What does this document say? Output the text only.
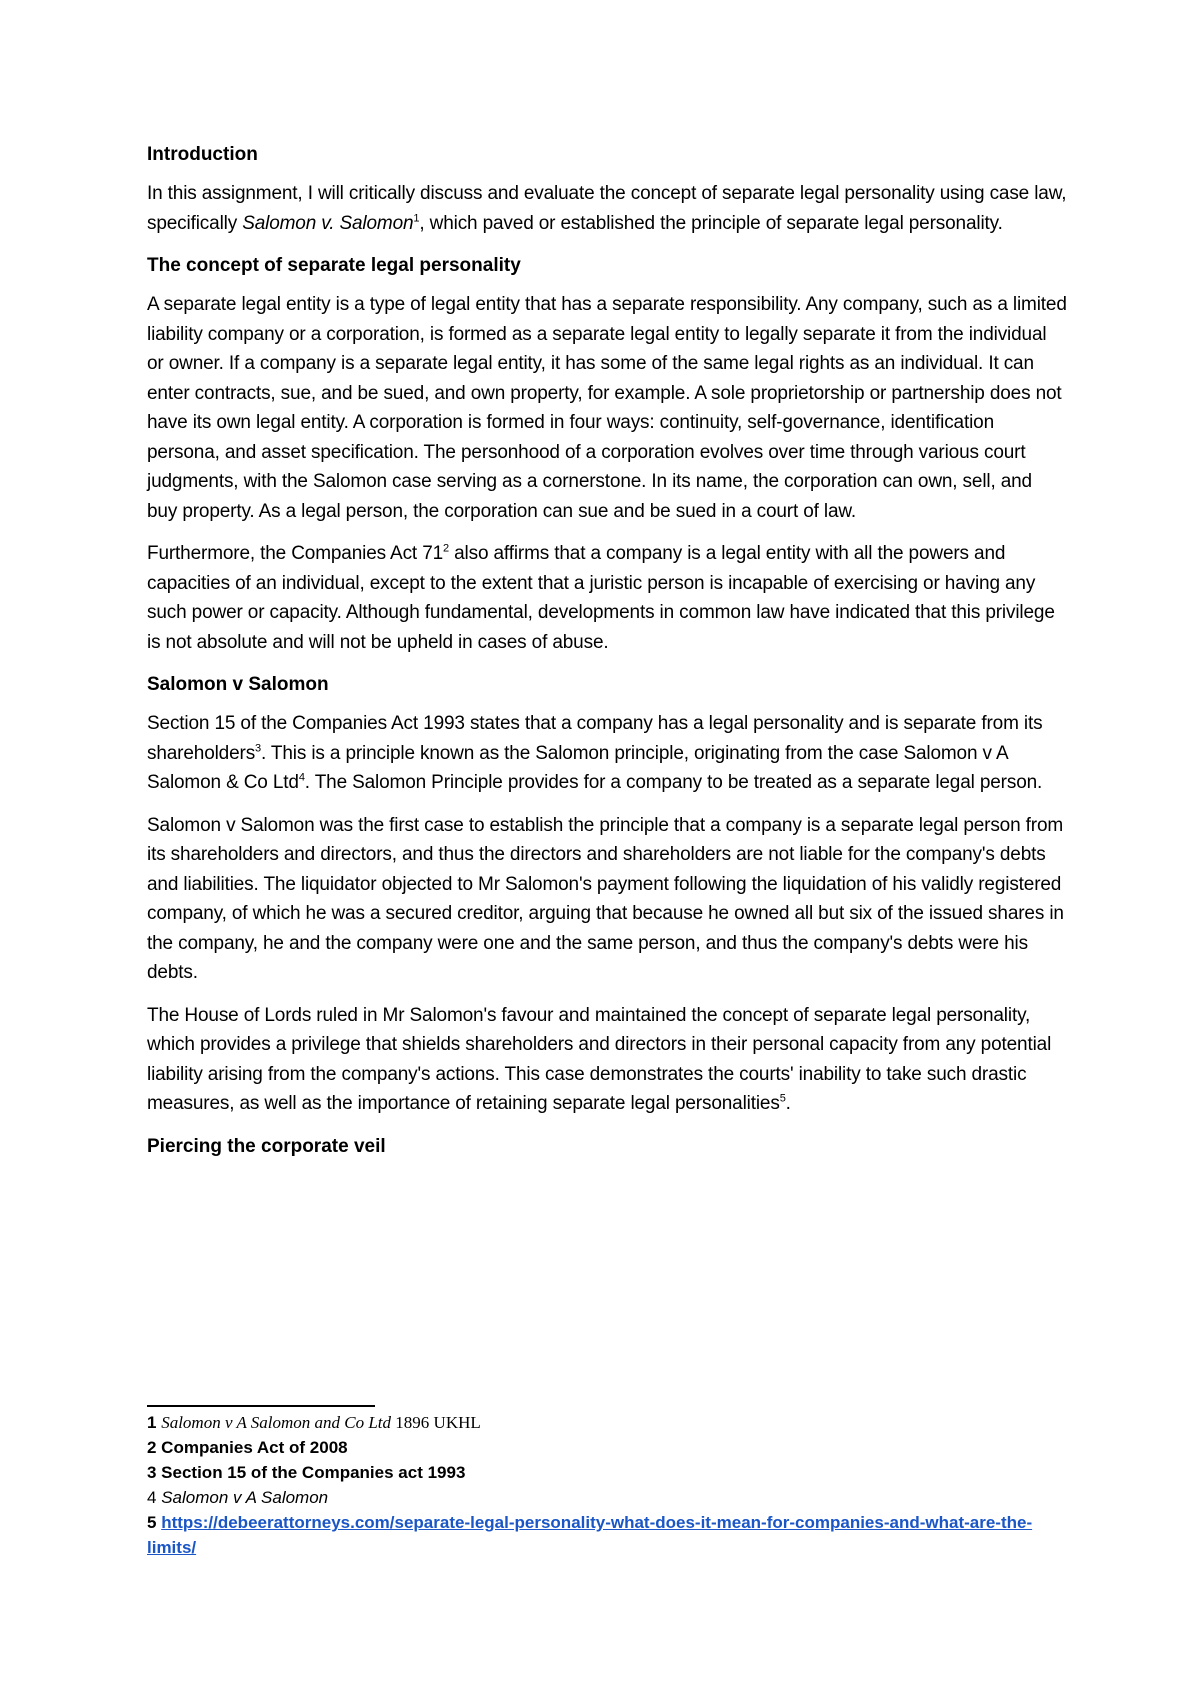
Introduction

In this assignment, I will critically discuss and evaluate the concept of separate legal personality using case law, specifically Salomon v. Salomon$^1$, which paved or established the principle of separate legal personality.

The concept of separate legal personality

A separate legal entity is a type of legal entity that has a separate responsibility. Any company, such as a limited liability company or a corporation, is formed as a separate legal entity to legally separate it from the individual or owner. If a company is a separate legal entity, it has some of the same legal rights as an individual. It can enter contracts, sue, and be sued, and own property, for example. A sole proprietorship or partnership does not have its own legal entity. A corporation is formed in four ways: continuity, self-governance, identification persona, and asset specification. The personhood of a corporation evolves over time through various court judgments, with the Salomon case serving as a cornerstone. In its name, the corporation can own, sell, and buy property. As a legal person, the corporation can sue and be sued in a court of law.

Furthermore, the Companies Act $71^2$ also affirms that a company is a legal entity with all the powers and capacities of an individual, except to the extent that a juristic person is incapable of exercising or having any such power or capacity. Although fundamental, developments in common law have indicated that this privilege is not absolute and will not be upheld in cases of abuse.

Salomon v Salomon

Section 15 of the Companies Act 1993 states that a company has a legal personality and is separate from its shareholders$^3$. This is a principle known as the Salomon principle, originating from the case Salomon v A Salomon & Co Ltd$^4$. The Salomon Principle provides for a company to be treated as a separate legal person.

Salomon v Salomon was the first case to establish the principle that a company is a separate legal person from its shareholders and directors, and thus the directors and shareholders are not liable for the company's debts and liabilities. The liquidator objected to Mr Salomon's payment following the liquidation of his validly registered company, of which he was a secured creditor, arguing that because he owned all but six of the issued shares in the company, he and the company were one and the same person, and thus the company's debts were his debts.

The House of Lords ruled in Mr Salomon's favour and maintained the concept of separate legal personality, which provides a privilege that shields shareholders and directors in their personal capacity from any potential liability arising from the company's actions. This case demonstrates the courts' inability to take such drastic measures, as well as the importance of retaining separate legal personalities$^5$.

Piercing the corporate veil
1 Salomon v A Salomon and Co Ltd 1896 UKHL
2 Companies Act of 2008
3 Section 15 of the Companies act 1993
4 Salomon v A Salomon
5 https://debeerattorneys.com/separate-legal-personality-what-does-it-mean-for-companies-and-what-are-the-limits/
